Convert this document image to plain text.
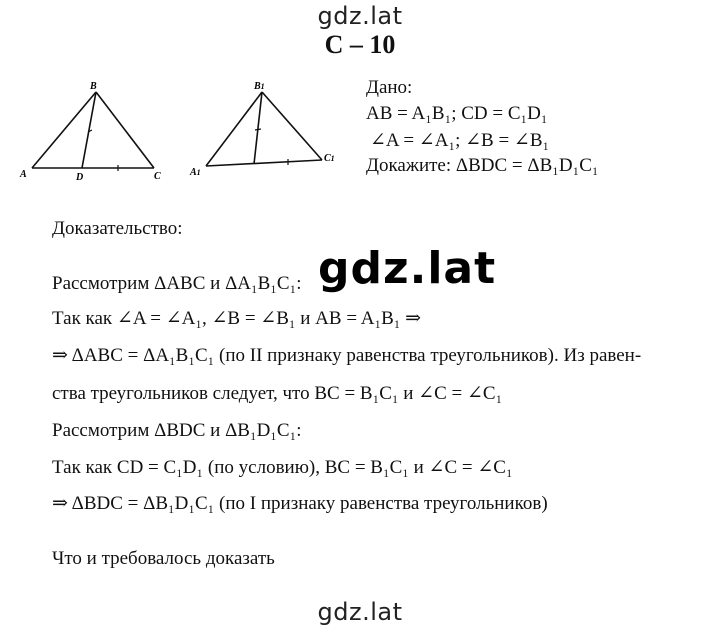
gdz.lat
С – 10
B
A	D	C
B1
A1
C1
Дано:
AB = A₁B₁; CD = C₁D₁
∠A = ∠A₁; ∠B = ∠B₁
Докажите: ΔBDC = ΔB₁D₁C₁
Доказательство:
Рассмотрим ΔABC и ΔA₁B₁C₁: gdz.lat
Так как ∠A = ∠A₁, ∠B = ∠B₁ и AB = A₁B₁ ⇒
⇒ ΔABC = ΔA₁B₁C₁ (по II признаку равенства треугольников). Из равен-
ства треугольников следует, что BC = B₁C₁ и ∠C = ∠C₁
Рассмотрим ΔBDC и ΔB₁D₁C₁:
Так как CD = C₁D₁ (по условию), BC = B₁C₁ и ∠C = ∠C₁
⇒ ΔBDC = ΔB₁D₁C₁ (по I признаку равенства треугольников)
Что и требовалось доказать
gdz.lat
